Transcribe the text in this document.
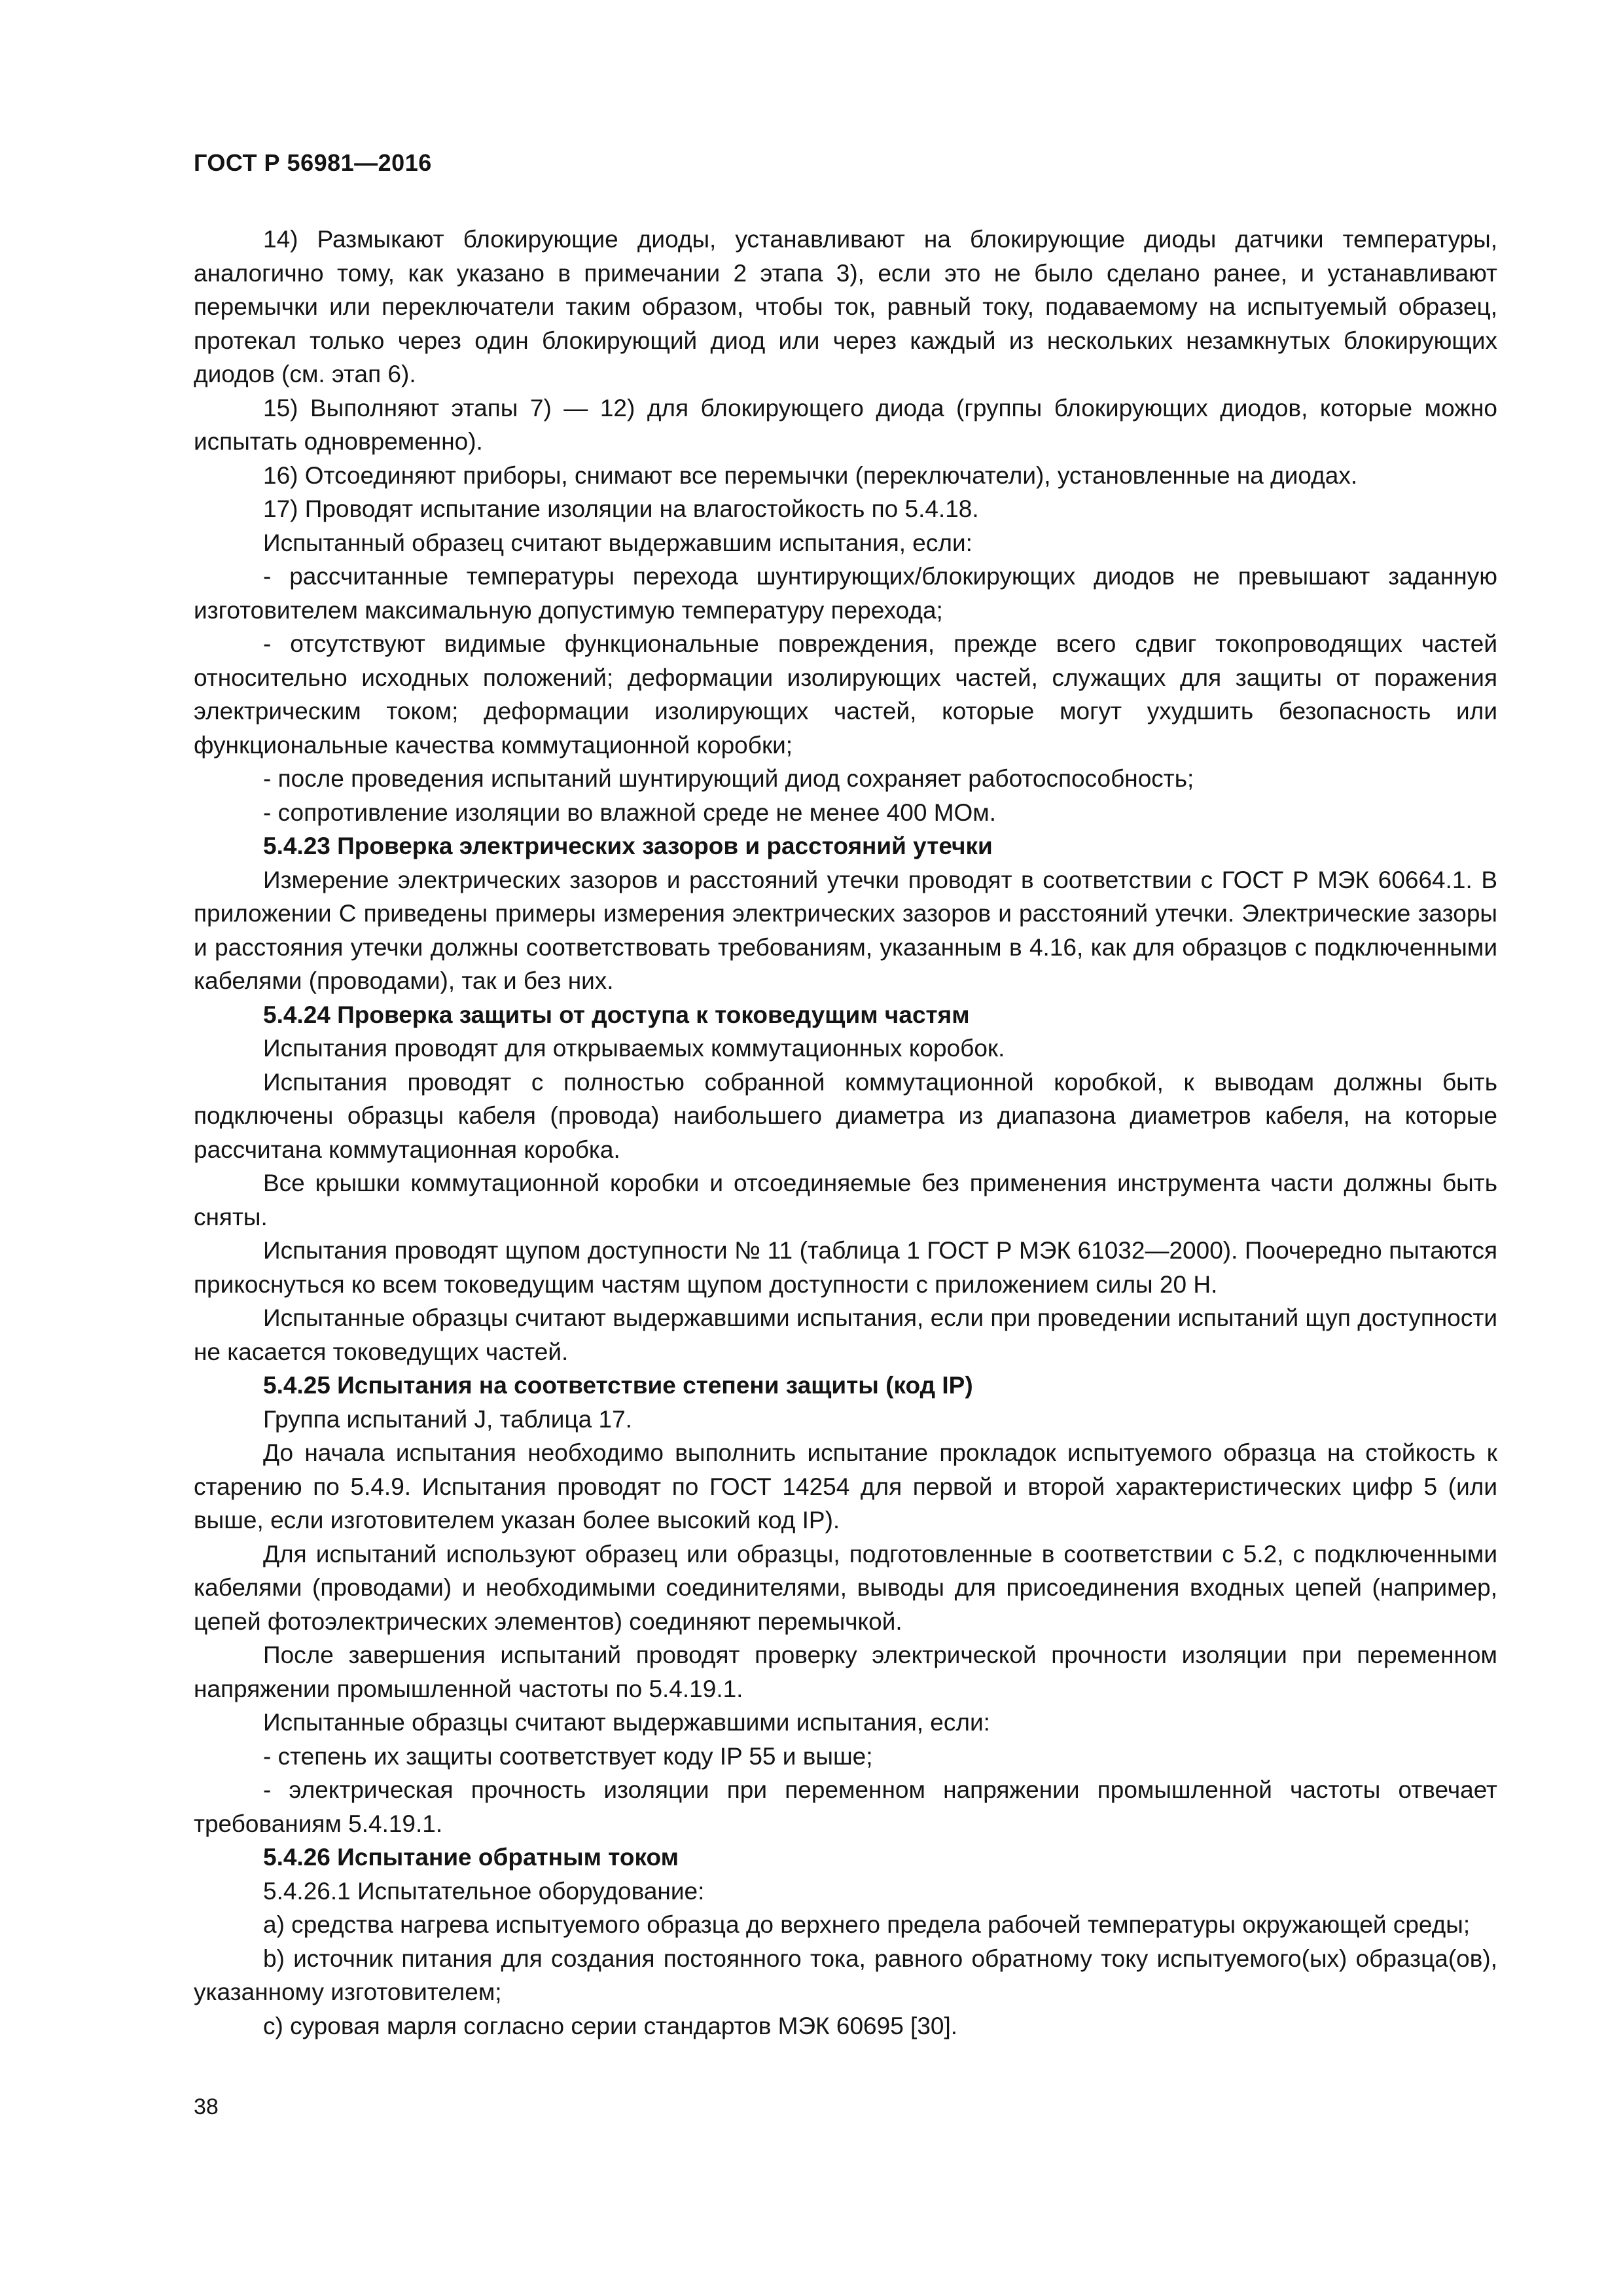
ГОСТ Р 56981—2016

14) Размыкают блокирующие диоды, устанавливают на блокирующие диоды датчики температуры, аналогично тому, как указано в примечании 2 этапа 3), если это не было сделано ранее, и устанавливают перемычки или переключатели таким образом, чтобы ток, равный току, подаваемому на испытуемый образец, протекал только через один блокирующий диод или через каждый из нескольких незамкнутых блокирующих диодов (см. этап 6).

15) Выполняют этапы 7) — 12) для блокирующего диода (группы блокирующих диодов, которые можно испытать одновременно).

16) Отсоединяют приборы, снимают все перемычки (переключатели), установленные на диодах.

17) Проводят испытание изоляции на влагостойкость по 5.4.18.

Испытанный образец считают выдержавшим испытания, если:

- рассчитанные температуры перехода шунтирующих/блокирующих диодов не превышают заданную изготовителем максимальную допустимую температуру перехода;

- отсутствуют видимые функциональные повреждения, прежде всего сдвиг токопроводящих частей относительно исходных положений; деформации изолирующих частей, служащих для защиты от поражения электрическим током; деформации изолирующих частей, которые могут ухудшить безопасность или функциональные качества коммутационной коробки;

- после проведения испытаний шунтирующий диод сохраняет работоспособность;

- сопротивление изоляции во влажной среде не менее 400 МОм.

5.4.23 Проверка электрических зазоров и расстояний утечки

Измерение электрических зазоров и расстояний утечки проводят в соответствии с ГОСТ Р МЭК 60664.1. В приложении С приведены примеры измерения электрических зазоров и расстояний утечки. Электрические зазоры и расстояния утечки должны соответствовать требованиям, указанным в 4.16, как для образцов с подключенными кабелями (проводами), так и без них.

5.4.24 Проверка защиты от доступа к токоведущим частям

Испытания проводят для открываемых коммутационных коробок.

Испытания проводят с полностью собранной коммутационной коробкой, к выводам должны быть подключены образцы кабеля (провода) наибольшего диаметра из диапазона диаметров кабеля, на которые рассчитана коммутационная коробка.

Все крышки коммутационной коробки и отсоединяемые без применения инструмента части должны быть сняты.

Испытания проводят щупом доступности № 11 (таблица 1 ГОСТ Р МЭК 61032—2000). Поочередно пытаются прикоснуться ко всем токоведущим частям щупом доступности с приложением силы 20 Н.

Испытанные образцы считают выдержавшими испытания, если при проведении испытаний щуп доступности не касается токоведущих частей.

5.4.25 Испытания на соответствие степени защиты (код IP)

Группа испытаний J, таблица 17.

До начала испытания необходимо выполнить испытание прокладок испытуемого образца на стойкость к старению по 5.4.9. Испытания проводят по ГОСТ 14254 для первой и второй характеристических цифр 5 (или выше, если изготовителем указан более высокий код IP).

Для испытаний используют образец или образцы, подготовленные в соответствии с 5.2, с подключенными кабелями (проводами) и необходимыми соединителями, выводы для присоединения входных цепей (например, цепей фотоэлектрических элементов) соединяют перемычкой.

После завершения испытаний проводят проверку электрической прочности изоляции при переменном напряжении промышленной частоты по 5.4.19.1.

Испытанные образцы считают выдержавшими испытания, если:

- степень их защиты соответствует коду IP 55 и выше;

- электрическая прочность изоляции при переменном напряжении промышленной частоты отвечает требованиям 5.4.19.1.

5.4.26 Испытание обратным током

5.4.26.1 Испытательное оборудование:

a) средства нагрева испытуемого образца до верхнего предела рабочей температуры окружающей среды;

b) источник питания для создания постоянного тока, равного обратному току испытуемого(ых) образца(ов), указанному изготовителем;

c) суровая марля согласно серии стандартов МЭК 60695 [30].

38
